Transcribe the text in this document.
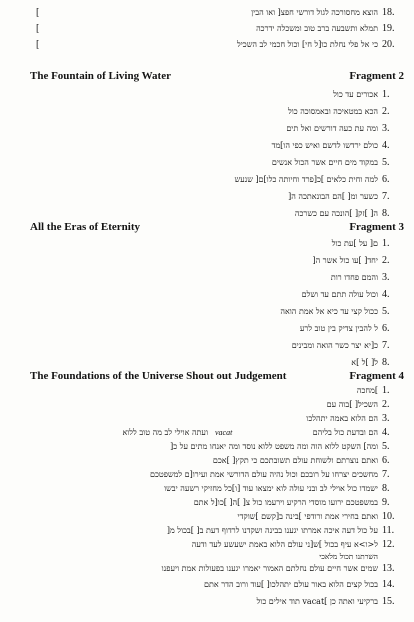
[	הוצא מחסורכה לגול דורשי חפצ[ ואו הבין 18.
[	תמלא ותשבעה ברב טוב ומשכלה ידרכה 19.
[	כי אל פלי נחלת כו[ל חי] וכול חכמי לב השכיל 20.
The Fountain of Living Water	Fragment 2
אכורים עד כול 1.
הכא במטאיכה ובאמסוכה כול 2.
ומה עת כעה דורשים ואל תים 3.
כולם ירדשו לדשם ואיש כפי הו]מד 4.
במקוד מים חיים אשר הכול אנשים 5.
למה וחית כלאים ]כ[פרד וחיותה כלו]ם[ שנעש 6.
כשער ומ[ ]הם הבונאתכה ה[ 7.
ה[ ]זק[ ]הונכה עם כשרכה 8.
All the Eras of Eternity	Fragment 3
ם[ על ]עת כול 1.
יחד[ ]עו כול אשר ה[ 2.
והמם פחדו רות 3.
וכול עולה תתם עד ושלם 4.
ככול קצי עד כיא אל אמת הואה 5.
ל להבין צדיק בין טוב לרע 6.
כ[יא יצר כשר הואה ומבינים 7.
ל[ ]ל ]א 8.
The Foundations of the Universe Shout out Judgement	Fragment 4
]מחכה 1.
השכיל[ ]בוה עם 2.
הם הלוא באמה יתהלכו 3.
ועתה אוילי לב מה טוב ללוא vacat	הם ובדעת כול בליהם 4.
ומה] השקט ללוא הוה ומה משפט ללוא נוסד ומה יאנחו מתים על כ[ 5.
ואתם נוצרתם ולשוחת עולם תשובתכם כי תקץ[ ]אכם 6.
מחשכים יצרחו על רובכם וכול נהיה עולם הדורשי אמת ועירו[ם למשפטכם 7.
ישמדו כול אוילי לב ובני עולה לוא ימצאו עוד [ו]כל מחזיקי רשעה יבשו 8.
במשפטכם ירועו מוסדי הרקיע וירעמו כול צ[ ]ה[ ]כו[ל אתם 9.
ואתם בחירי אמת ורודפי ]בינה ב[קשם ]שוקדי 10.
על כול דעה איכה אמרתו יגענו בבינה ושקדנו לרדוף דעת ב[ ]בכול מ[ 11.
ל<ו>א עיף בכול ]ש[ני עולם הלוא באמת ישעשע לעד ודעה 12.
השרתנו תכול מלאכי
שמים אשר חיים עולם נחלתם האמור יאמרו יגענו בפעולות אמת ויעפנו 13.
בכול קצים הלוא באור עולם יתהלכו[ ]עוד ורוב הדר אתם 14.
ברקיעי ואתה כן ]vacat תוד אילים כול 15.
